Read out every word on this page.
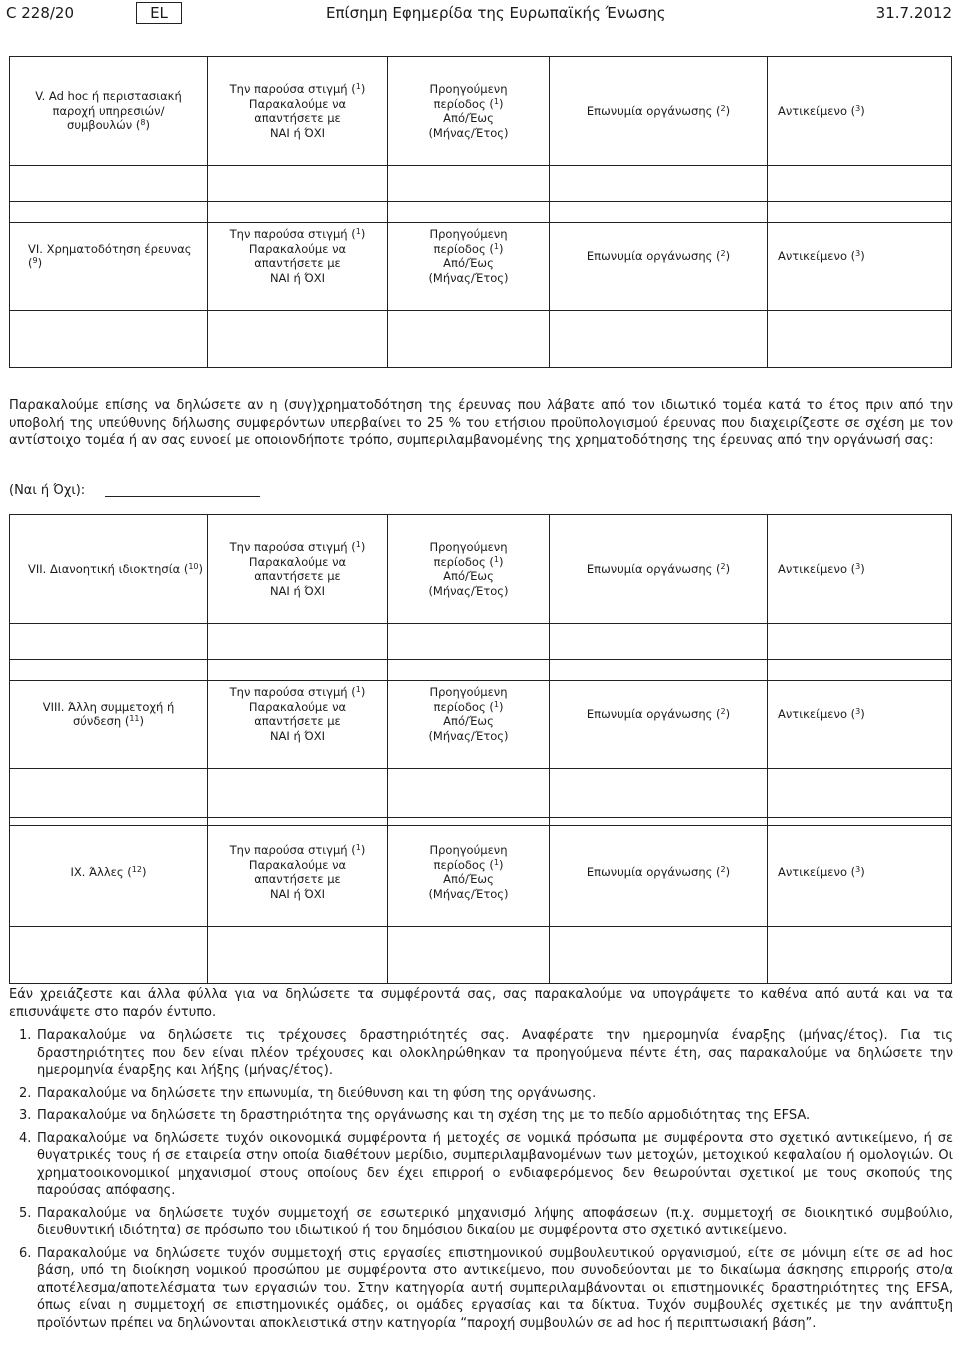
C 228/20	EL	Επίσημη Εφημερίδα της Ευρωπαϊκής Ένωσης	31.7.2012
V. Ad hoc ή περιστασιακή
παροχή υπηρεσιών/
συμβουλών ($^8$)	Την παρούσα στιγμή ($^1$)
Παρακαλούμε να
απαντήσετε με
ΝΑΙ ή ΌΧΙ	Προηγούμενη
περίοδος ($^1$)
Από/Έως
(Μήνας/Έτος)	Επωνυμία οργάνωσης ($^2$)	Αντικείμενο ($^3$)

VI. Χρηματοδότηση έρευνας ($^9$)	Την παρούσα στιγμή ($^1$)
Παρακαλούμε να
απαντήσετε με
ΝΑΙ ή ΌΧΙ	Προηγούμενη
περίοδος ($^1$)
Από/Έως
(Μήνας/Έτος)	Επωνυμία οργάνωσης ($^2$)	Αντικείμενο ($^3$)

Παρακαλούμε επίσης να δηλώσετε αν η (συγ)χρηματοδότηση της έρευνας που λάβατε από τον ιδιωτικό τομέα κατά το έτος πριν από την υποβολή της υπεύθυνης δήλωσης συμφερόντων υπερβαίνει το 25 % του ετήσιου προϋπολογισμού έρευνας που διαχειρίζεστε σε σχέση με τον αντίστοιχο τομέα ή αν σας ευνοεί με οποιονδήποτε τρόπο, συμπεριλαμβανομένης της χρηματοδότησης της έρευνας από την οργάνωσή σας:
(Ναι ή Όχι):
VII. Διανοητική ιδιοκτησία ($^{10}$)	Την παρούσα στιγμή ($^1$)
Παρακαλούμε να
απαντήσετε με
ΝΑΙ ή ΌΧΙ	Προηγούμενη
περίοδος ($^1$)
Από/Έως
(Μήνας/Έτος)	Επωνυμία οργάνωσης ($^2$)	Αντικείμενο ($^3$)

VIII. Άλλη συμμετοχή ή
σύνδεση ($^{11}$)	Την παρούσα στιγμή ($^1$)
Παρακαλούμε να
απαντήσετε με
ΝΑΙ ή ΌΧΙ	Προηγούμενη
περίοδος ($^1$)
Από/Έως
(Μήνας/Έτος)	Επωνυμία οργάνωσης ($^2$)	Αντικείμενο ($^3$)

IX. Άλλες ($^{12}$)	Την παρούσα στιγμή ($^1$)
Παρακαλούμε να
απαντήσετε με
ΝΑΙ ή ΌΧΙ	Προηγούμενη
περίοδος ($^1$)
Από/Έως
(Μήνας/Έτος)	Επωνυμία οργάνωσης ($^2$)	Αντικείμενο ($^3$)

Εάν χρειάζεστε και άλλα φύλλα για να δηλώσετε τα συμφέροντά σας, σας παρακαλούμε να υπογράψετε το καθένα από αυτά και να τα επισυνάψετε στο παρόν έντυπο.
1. Παρακαλούμε να δηλώσετε τις τρέχουσες δραστηριότητές σας. Αναφέρατε την ημερομηνία έναρξης (μήνας/έτος). Για τις δραστηριότητες που δεν είναι πλέον τρέχουσες και ολοκληρώθηκαν τα προηγούμενα πέντε έτη, σας παρακαλούμε να δηλώσετε την ημερομηνία έναρξης και λήξης (μήνας/έτος).
2. Παρακαλούμε να δηλώσετε την επωνυμία, τη διεύθυνση και τη φύση της οργάνωσης.
3. Παρακαλούμε να δηλώσετε τη δραστηριότητα της οργάνωσης και τη σχέση της με το πεδίο αρμοδιότητας της EFSA.
4. Παρακαλούμε να δηλώσετε τυχόν οικονομικά συμφέροντα ή μετοχές σε νομικά πρόσωπα με συμφέροντα στο σχετικό αντικείμενο, ή σε θυγατρικές τους ή σε εταιρεία στην οποία διαθέτουν μερίδιο, συμπεριλαμβανομένων των μετοχών, μετοχικού κεφαλαίου ή ομολογιών. Οι χρηματοοικονομικοί μηχανισμοί στους οποίους δεν έχει επιρροή ο ενδιαφερόμενος δεν θεωρούνται σχετικοί με τους σκοπούς της παρούσας απόφασης.
5. Παρακαλούμε να δηλώσετε τυχόν συμμετοχή σε εσωτερικό μηχανισμό λήψης αποφάσεων (π.χ. συμμετοχή σε διοικητικό συμβούλιο, διευθυντική ιδιότητα) σε πρόσωπο του ιδιωτικού ή του δημόσιου δικαίου με συμφέροντα στο σχετικό αντικείμενο.
6. Παρακαλούμε να δηλώσετε τυχόν συμμετοχή στις εργασίες επιστημονικού συμβουλευτικού οργανισμού, είτε σε μόνιμη είτε σε ad hoc βάση, υπό τη διοίκηση νομικού προσώπου με συμφέροντα στο αντικείμενο, που συνοδεύονται με το δικαίωμα άσκησης επιρροής στο/α αποτέλεσμα/αποτελέσματα των εργασιών του. Στην κατηγορία αυτή συμπεριλαμβάνονται οι επιστημονικές δραστηριότητες της EFSA, όπως είναι η συμμετοχή σε επιστημονικές ομάδες, οι ομάδες εργασίας και τα δίκτυα. Τυχόν συμβουλές σχετικές με την ανάπτυξη προϊόντων πρέπει να δηλώνονται αποκλειστικά στην κατηγορία “παροχή συμβουλών σε ad hoc ή περιπτωσιακή βάση”.
